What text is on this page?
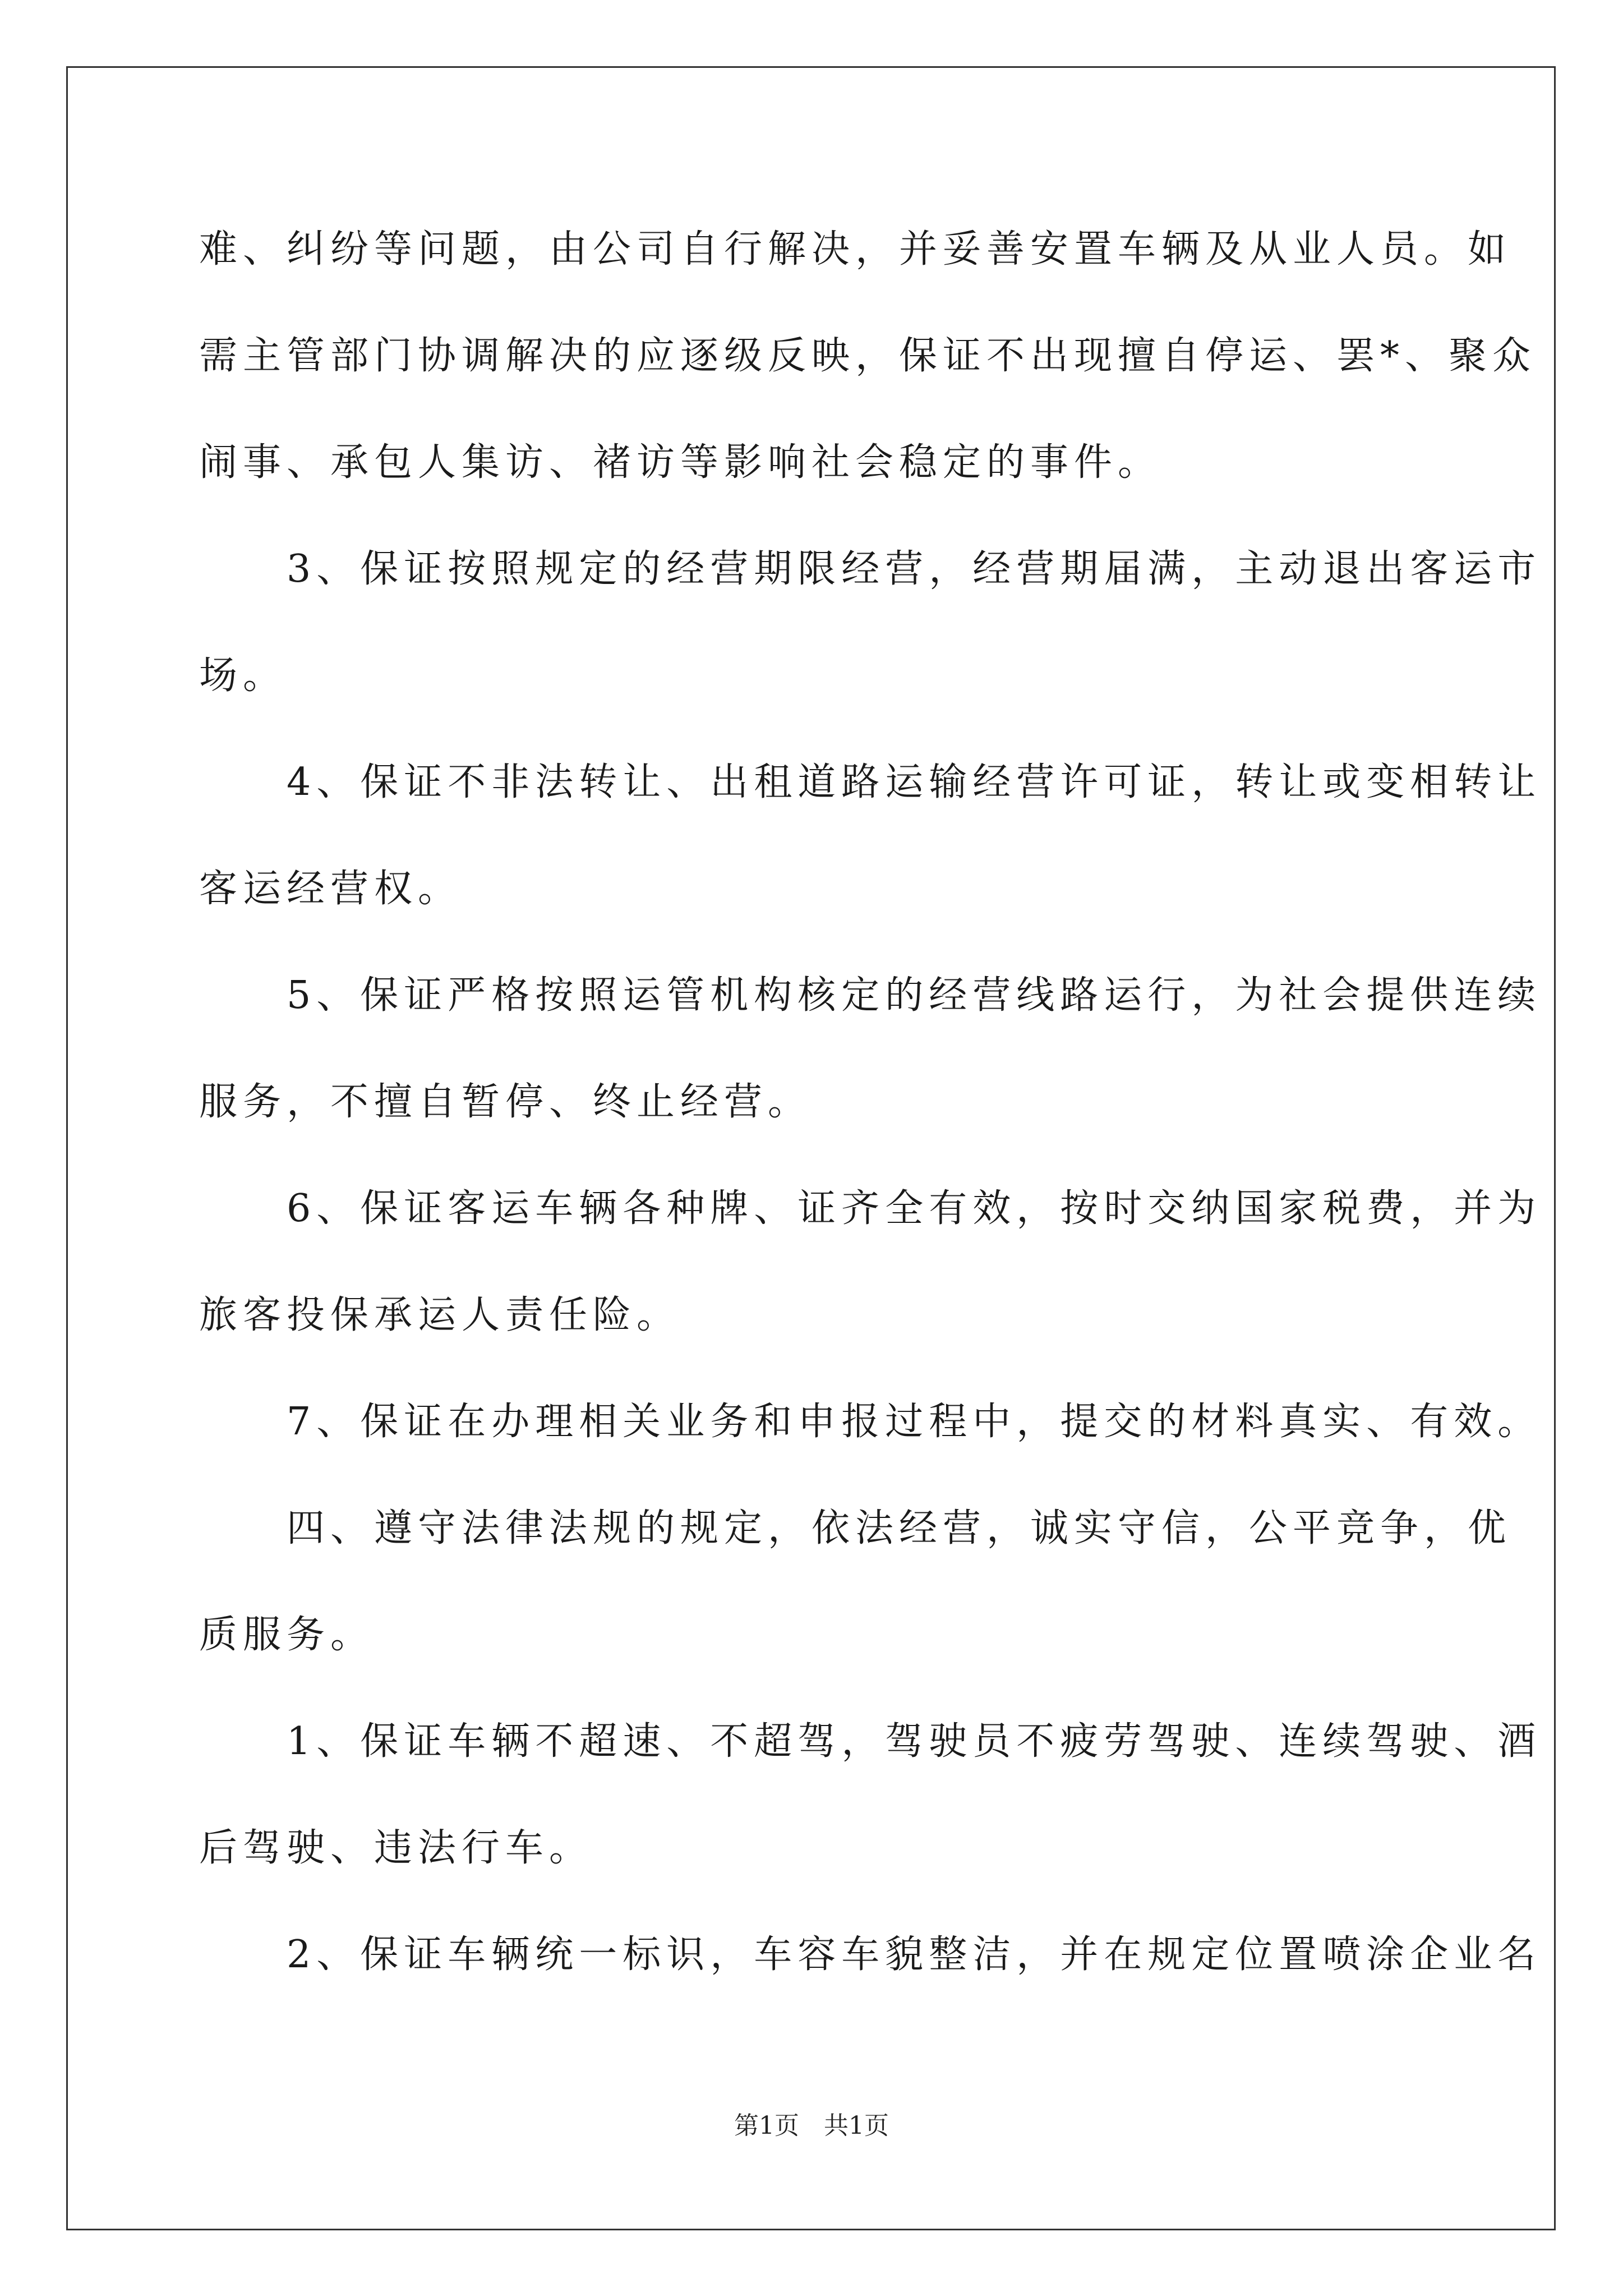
难、纠纷等问题，由公司自行解决，并妥善安置车辆及从业人员。如
需主管部门协调解决的应逐级反映，保证不出现擅自停运、罢*、聚众
闹事、承包人集访、褚访等影响社会稳定的事件。
　　3、保证按照规定的经营期限经营，经营期届满，主动退出客运市
场。
　　4、保证不非法转让、出租道路运输经营许可证，转让或变相转让
客运经营权。
　　5、保证严格按照运管机构核定的经营线路运行，为社会提供连续
服务，不擅自暂停、终止经营。
　　6、保证客运车辆各种牌、证齐全有效，按时交纳国家税费，并为
旅客投保承运人责任险。
　　7、保证在办理相关业务和申报过程中，提交的材料真实、有效。
　　四、遵守法律法规的规定，依法经营，诚实守信，公平竞争，优
质服务。
　　1、保证车辆不超速、不超驾，驾驶员不疲劳驾驶、连续驾驶、酒
后驾驶、违法行车。
　　2、保证车辆统一标识，车容车貌整洁，并在规定位置喷涂企业名
第1页　共1页
